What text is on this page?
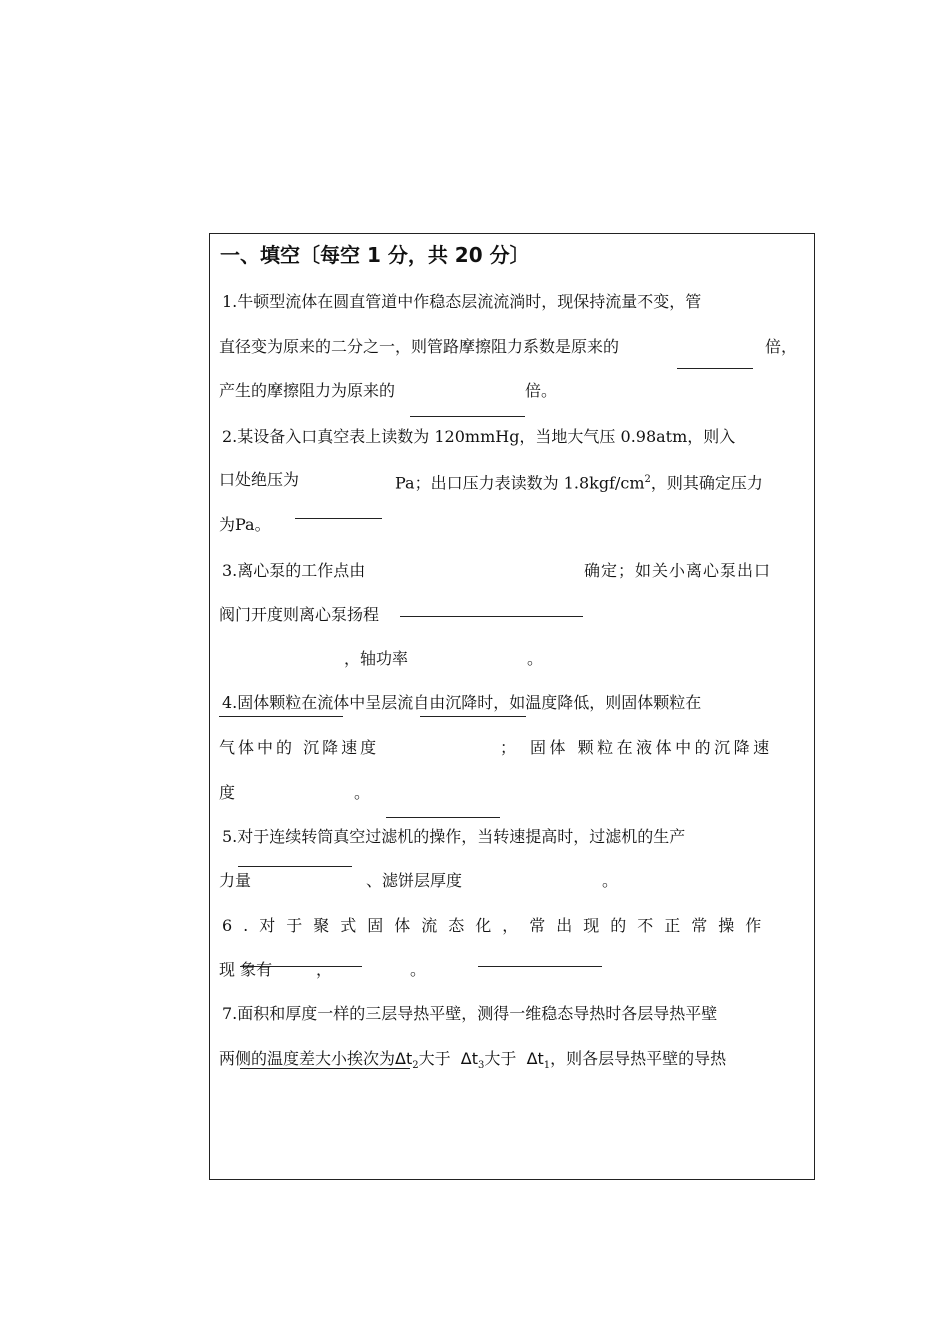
一、填空〔每空 1 分，共 20 分〕
1.牛顿型流体在圆直管道中作稳态层流流淌时，现保持流量不变，管
直径变为原来的二分之一，则管路摩擦阻力系数是原来的	倍，
产生的摩擦阻力为原来的	倍。
2.某设备入口真空表上读数为 120mmHg，当地大气压 0.98atm，则入
口处绝压为	Pa；出口压力表读数为 $1.8kgf/cm^2$，则其确定压力
为Pa。
3.离心泵的工作点由	确定；如关小离心泵出口
阀门开度则离心泵扬程
，轴功率	。
4.固体颗粒在流体中呈层流自由沉降时，如温度降低，则固体颗粒在
气体中的 沉降速度	； 固体 颗粒在液体中的沉降速
度	。
5.对于连续转筒真空过滤机的操作，当转速提高时，过滤机的生产
力量	、滤饼层厚度	。
6.对于聚式固体流态化，常出现的不正常操作
现 象有	，	。
7.面积和厚度一样的三层导热平壁，测得一维稳态导热时各层导热平壁
两侧的温度差大小挨次为$\Delta t_2$大于 $\Delta t_3$大于 $\Delta t_1$，则各层导热平壁的导热
